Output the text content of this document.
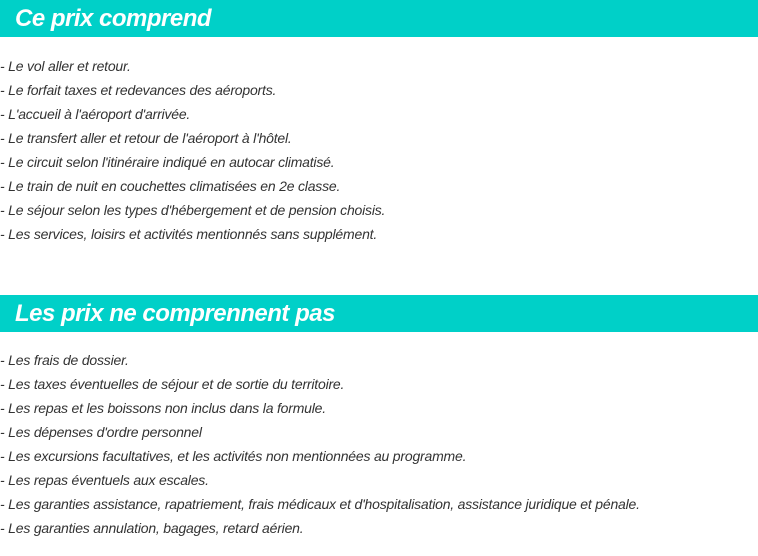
Ce prix comprend
- Le vol aller et retour.
- Le forfait taxes et redevances des aéroports.
- L'accueil à l'aéroport d'arrivée.
- Le transfert aller et retour de l'aéroport à l'hôtel.
- Le circuit selon l'itinéraire indiqué en autocar climatisé.
- Le train de nuit en couchettes climatisées en 2e classe.
- Le séjour selon les types d'hébergement et de pension choisis.
- Les services, loisirs et activités mentionnés sans supplément.
Les prix ne comprennent pas
- Les frais de dossier.
- Les taxes éventuelles de séjour et de sortie du territoire.
- Les repas et les boissons non inclus dans la formule.
- Les dépenses d'ordre personnel
- Les excursions facultatives, et les activités non mentionnées au programme.
- Les repas éventuels aux escales.
- Les garanties assistance, rapatriement, frais médicaux et d'hospitalisation, assistance juridique et pénale.
- Les garanties annulation, bagages, retard aérien.
